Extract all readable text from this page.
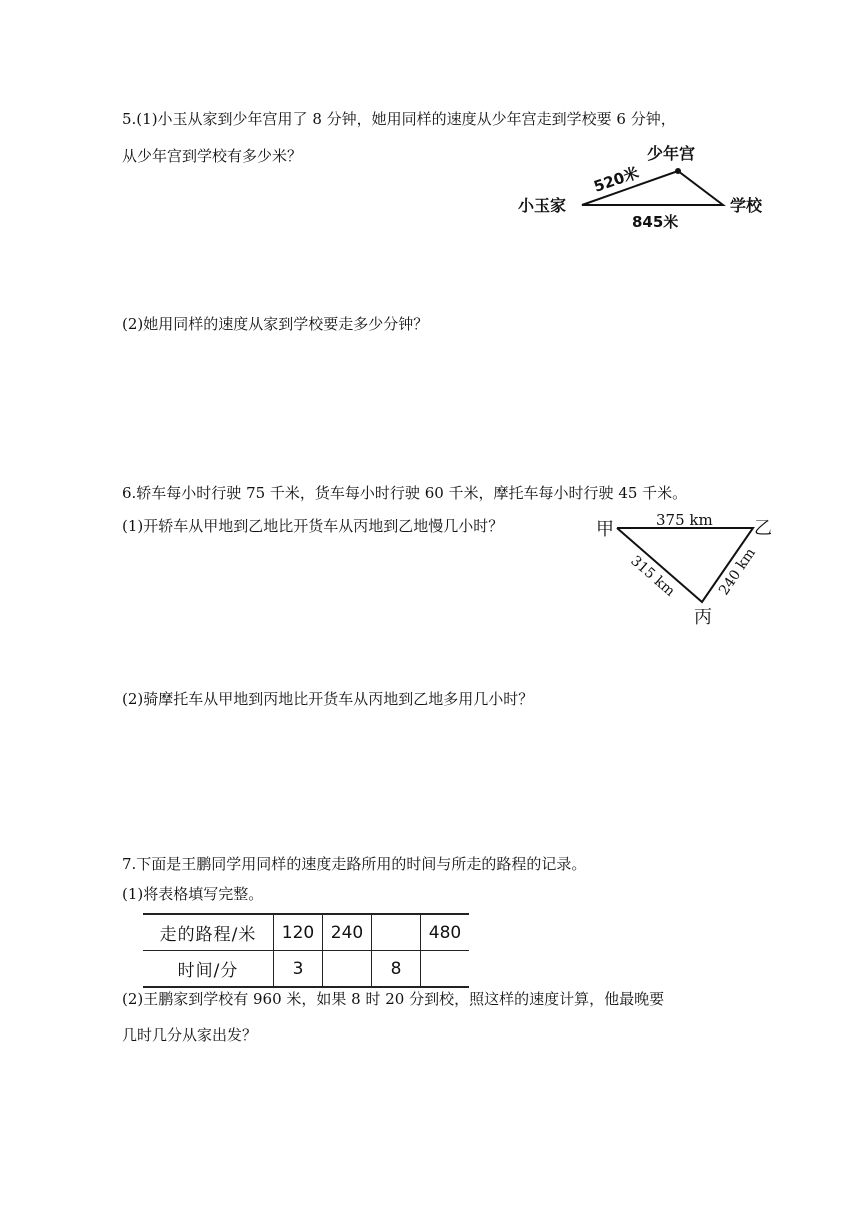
5.(1)小玉从家到少年宫用了 8 分钟，她用同样的速度从少年宫走到学校要 6 分钟，
从少年宫到学校有多少米？	少年宫
小玉家	学校
520米
845米
(2)她用同样的速度从家到学校要走多少分钟？
6.轿车每小时行驶 75 千米，货车每小时行驶 60 千米，摩托车每小时行驶 45 千米。
(1)开轿车从甲地到乙地比开货车从丙地到乙地慢几小时？	甲	乙
丙
375 km
315 km	240 km
(2)骑摩托车从甲地到丙地比开货车从丙地到乙地多用几小时？
7.下面是王鹏同学用同样的速度走路所用的时间与所走的路程的记录。
(1)将表格填写完整。
走的路程/米	120	240		480
时间/分	3		8	
(2)王鹏家到学校有 960 米，如果 8 时 20 分到校，照这样的速度计算，他最晚要
几时几分从家出发？
